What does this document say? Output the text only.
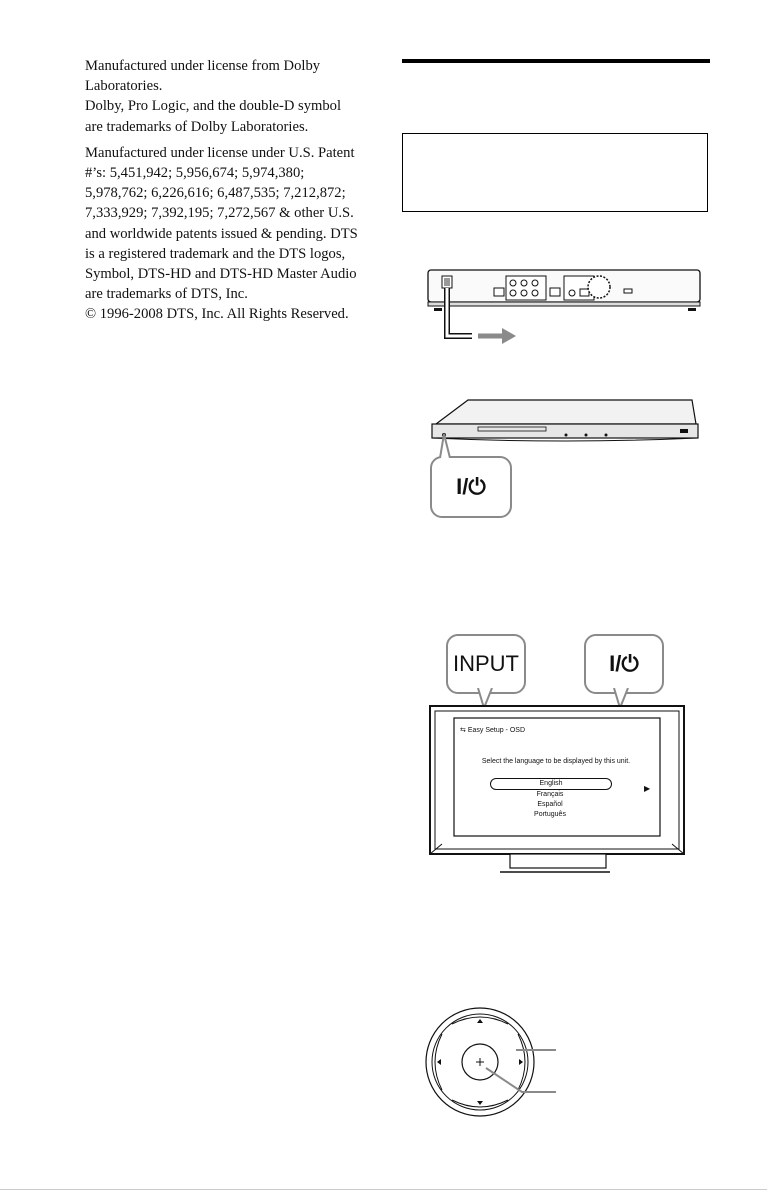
Manufactured under license from Dolby

Laboratories.

Dolby, Pro Logic, and the double-D symbol

are trademarks of Dolby Laboratories.

Manufactured under license under U.S. Patent

#’s: 5,451,942; 5,956,674; 5,974,380;

5,978,762; 6,226,616; 6,487,535; 7,212,872;

7,333,929; 7,392,195; 7,272,567 & other U.S.

and worldwide patents issued & pending. DTS

is a registered trademark and the DTS logos,

Symbol, DTS-HD and DTS-HD Master Audio

are trademarks of DTS, Inc.

© 1996-2008 DTS, Inc. All Rights Reserved.

I/⏻
INPUT	I/⏻
⇆ Easy Setup - OSD
Select the language to be displayed by this unit.
English
Français
Español
Português
▶
